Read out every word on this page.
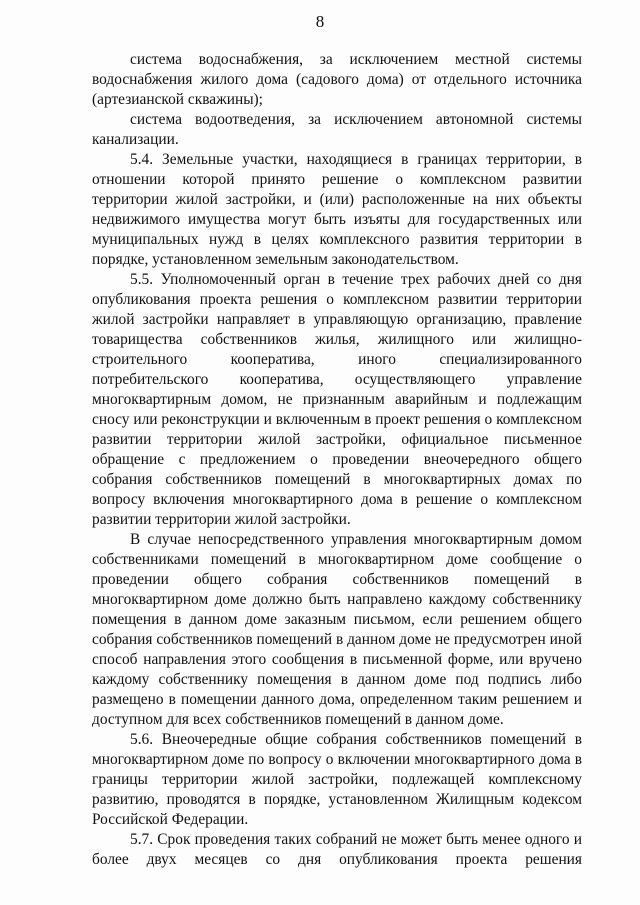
8

система водоснабжения, за исключением местной системы водоснабжения жилого дома (садового дома) от отдельного источника (артезианской скважины);

система водоотведения, за исключением автономной системы канализации.

5.4. Земельные участки, находящиеся в границах территории, в отношении которой принято решение о комплексном развитии территории жилой застройки, и (или) расположенные на них объекты недвижимого имущества могут быть изъяты для государственных или муниципальных нужд в целях комплексного развития территории в порядке, установленном земельным законодательством.

5.5. Уполномоченный орган в течение трех рабочих дней со дня опубликования проекта решения о комплексном развитии территории жилой застройки направляет в управляющую организацию, правление товарищества собственников жилья, жилищного или жилищно-строительного кооператива, иного специализированного потребительского кооператива, осуществляющего управление многоквартирным домом, не признанным аварийным и подлежащим сносу или реконструкции и включенным в проект решения о комплексном развитии территории жилой застройки, официальное письменное обращение с предложением о проведении внеочередного общего собрания собственников помещений в многоквартирных домах по вопросу включения многоквартирного дома в решение о комплексном развитии территории жилой застройки.

В случае непосредственного управления многоквартирным домом собственниками помещений в многоквартирном доме сообщение о проведении общего собрания собственников помещений в многоквартирном доме должно быть направлено каждому собственнику помещения в данном доме заказным письмом, если решением общего собрания собственников помещений в данном доме не предусмотрен иной способ направления этого сообщения в письменной форме, или вручено каждому собственнику помещения в данном доме под подпись либо размещено в помещении данного дома, определенном таким решением и доступном для всех собственников помещений в данном доме.

5.6. Внеочередные общие собрания собственников помещений в многоквартирном доме по вопросу о включении многоквартирного дома в границы территории жилой застройки, подлежащей комплексному развитию, проводятся в порядке, установленном Жилищным кодексом Российской Федерации.

5.7. Срок проведения таких собраний не может быть менее одного и более двух месяцев со дня опубликования проекта решения
